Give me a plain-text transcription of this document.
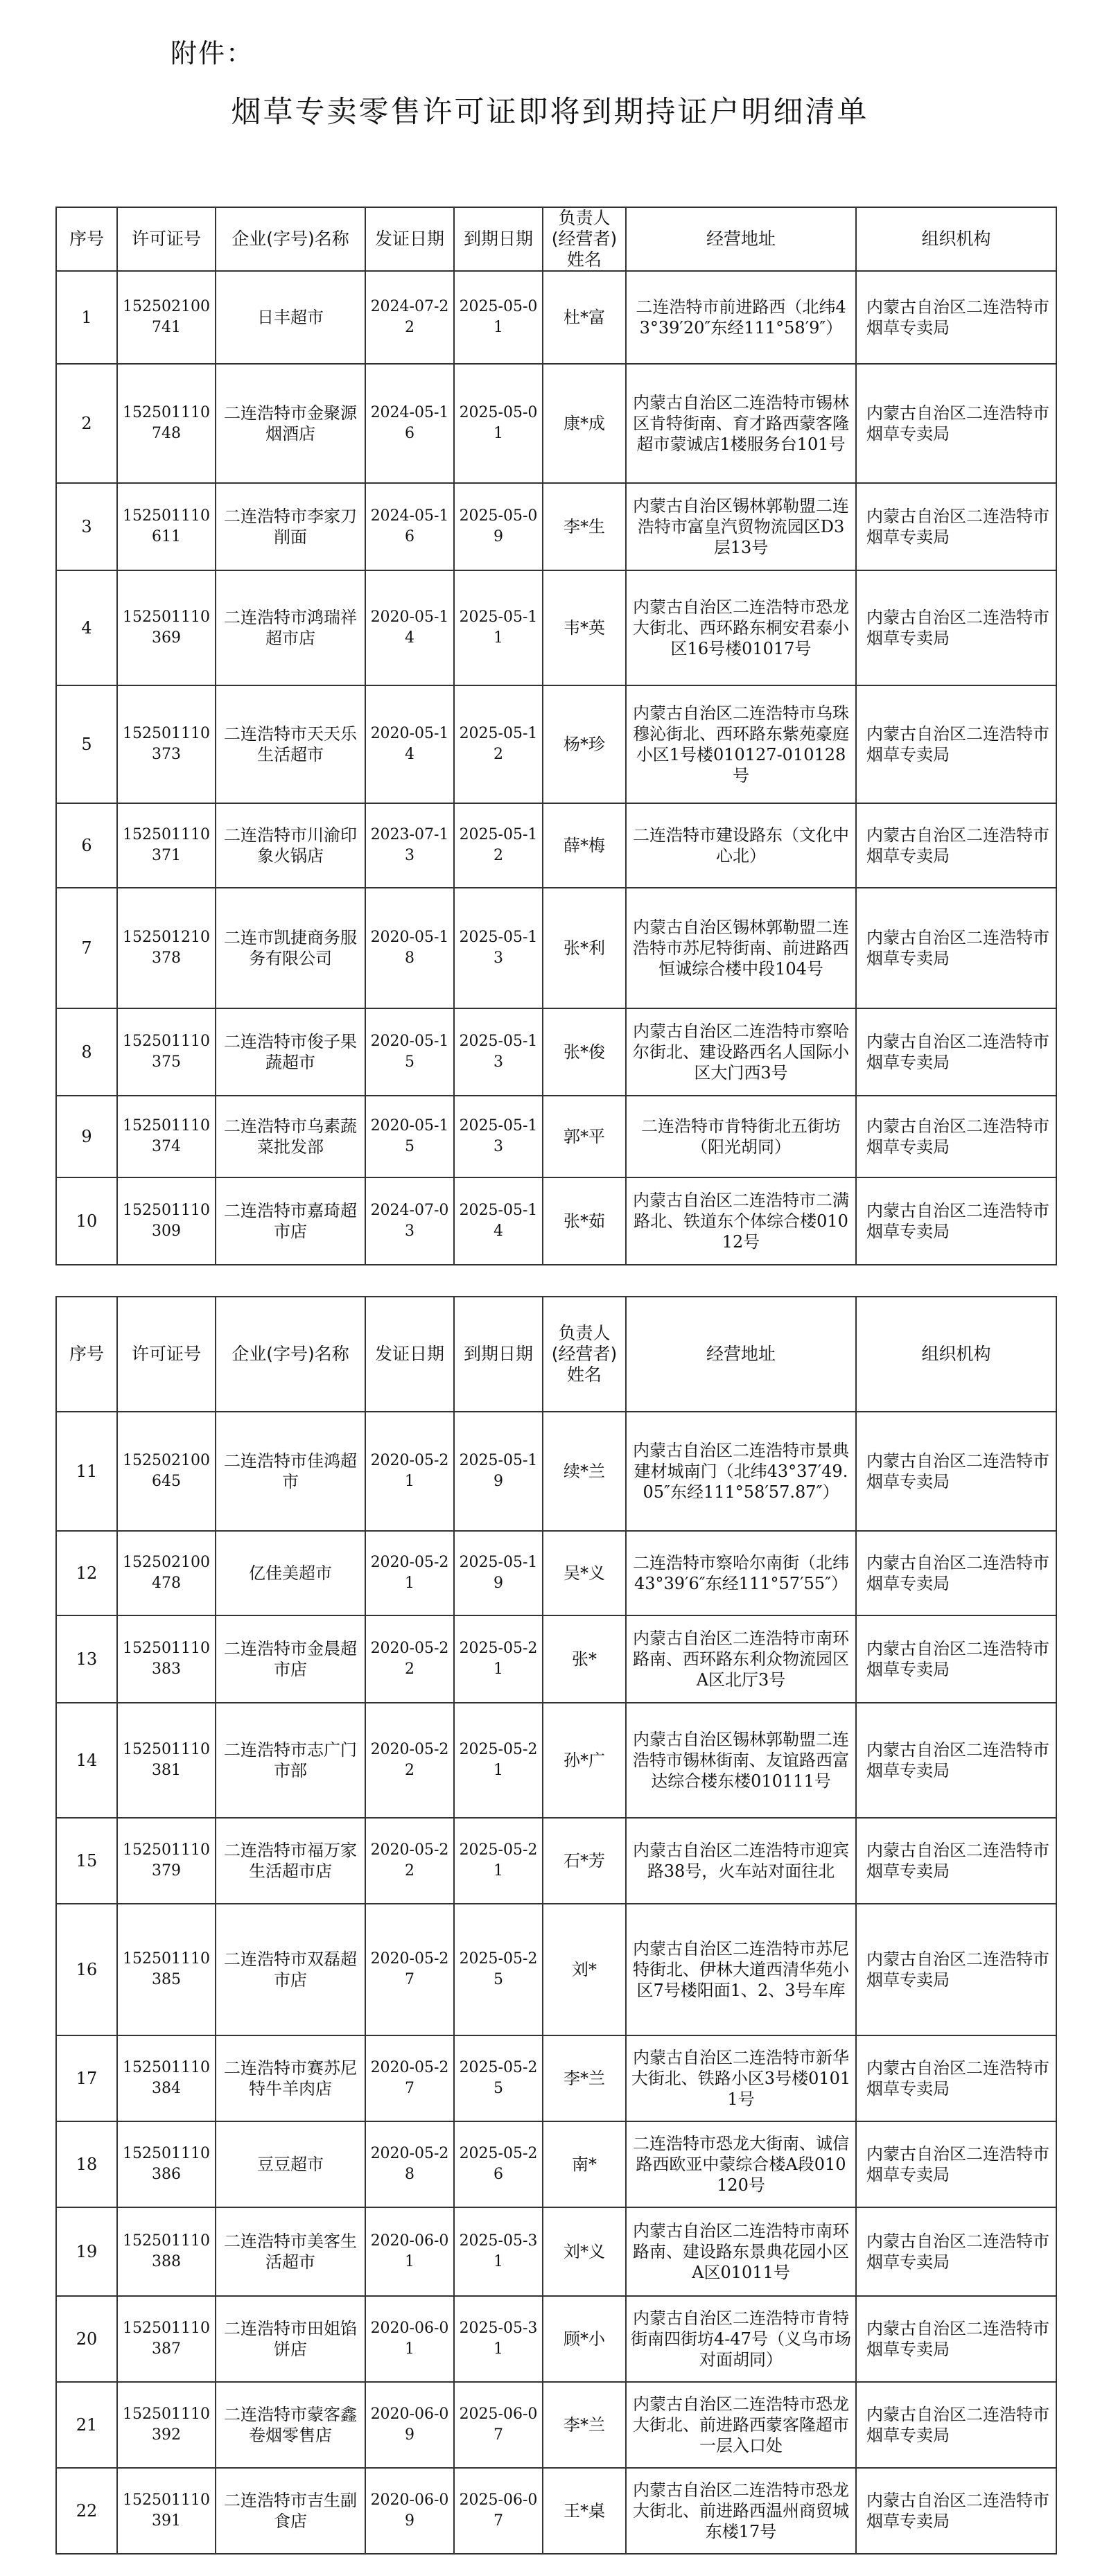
附件：
烟草专卖零售许可证即将到期持证户明细清单
序号	许可证号	企业(字号)名称	发证日期	到期日期	负责人(经营者)姓名	经营地址	组织机构
1	152502100741	日丰超市	2024-07-22	2025-05-01	杜*富	二连浩特市前进路西（北纬43°39′20″东经111°58′9″）	内蒙古自治区二连浩特市烟草专卖局
2	152501110748	二连浩特市金聚源烟酒店	2024-05-16	2025-05-01	康*成	内蒙古自治区二连浩特市锡林区肯特街南、育才路西蒙客隆超市蒙诚店1楼服务台101号	内蒙古自治区二连浩特市烟草专卖局
3	152501110611	二连浩特市李家刀削面	2024-05-16	2025-05-09	李*生	内蒙古自治区锡林郭勒盟二连浩特市富皇汽贸物流园区D3层13号	内蒙古自治区二连浩特市烟草专卖局
4	152501110369	二连浩特市鸿瑞祥超市店	2020-05-14	2025-05-11	韦*英	内蒙古自治区二连浩特市恐龙大街北、西环路东桐安君泰小区16号楼01017号	内蒙古自治区二连浩特市烟草专卖局
5	152501110373	二连浩特市天天乐生活超市	2020-05-14	2025-05-12	杨*珍	内蒙古自治区二连浩特市乌珠穆沁街北、西环路东紫苑豪庭小区1号楼010127-010128号	内蒙古自治区二连浩特市烟草专卖局
6	152501110371	二连浩特市川渝印象火锅店	2023-07-13	2025-05-12	薛*梅	二连浩特市建设路东（文化中心北）	内蒙古自治区二连浩特市烟草专卖局
7	152501210378	二连市凯捷商务服务有限公司	2020-05-18	2025-05-13	张*利	内蒙古自治区锡林郭勒盟二连浩特市苏尼特街南、前进路西恒诚综合楼中段104号	内蒙古自治区二连浩特市烟草专卖局
8	152501110375	二连浩特市俊子果蔬超市	2020-05-15	2025-05-13	张*俊	内蒙古自治区二连浩特市察哈尔街北、建设路西名人国际小区大门西3号	内蒙古自治区二连浩特市烟草专卖局
9	152501110374	二连浩特市乌素蔬菜批发部	2020-05-15	2025-05-13	郭*平	二连浩特市肯特街北五街坊（阳光胡同）	内蒙古自治区二连浩特市烟草专卖局
10	152501110309	二连浩特市嘉琦超市店	2024-07-03	2025-05-14	张*茹	内蒙古自治区二连浩特市二满路北、铁道东个体综合楼01012号	内蒙古自治区二连浩特市烟草专卖局
序号	许可证号	企业(字号)名称	发证日期	到期日期	负责人(经营者)姓名	经营地址	组织机构
11	152502100645	二连浩特市佳鸿超市	2020-05-21	2025-05-19	续*兰	内蒙古自治区二连浩特市景典建材城南门（北纬43°37′49.05″东经111°58′57.87″）	内蒙古自治区二连浩特市烟草专卖局
12	152502100478	亿佳美超市	2020-05-21	2025-05-19	吴*义	二连浩特市察哈尔南街（北纬43°39′6″东经111°57′55″）	内蒙古自治区二连浩特市烟草专卖局
13	152501110383	二连浩特市金晨超市店	2020-05-22	2025-05-21	张*	内蒙古自治区二连浩特市南环路南、西环路东利众物流园区A区北厅3号	内蒙古自治区二连浩特市烟草专卖局
14	152501110381	二连浩特市志广门市部	2020-05-22	2025-05-21	孙*广	内蒙古自治区锡林郭勒盟二连浩特市锡林街南、友谊路西富达综合楼东楼010111号	内蒙古自治区二连浩特市烟草专卖局
15	152501110379	二连浩特市福万家生活超市店	2020-05-22	2025-05-21	石*芳	内蒙古自治区二连浩特市迎宾路38号，火车站对面往北	内蒙古自治区二连浩特市烟草专卖局
16	152501110385	二连浩特市双磊超市店	2020-05-27	2025-05-25	刘*	内蒙古自治区二连浩特市苏尼特街北、伊林大道西清华苑小区7号楼阳面1、2、3号车库	内蒙古自治区二连浩特市烟草专卖局
17	152501110384	二连浩特市赛苏尼特牛羊肉店	2020-05-27	2025-05-25	李*兰	内蒙古自治区二连浩特市新华大街北、铁路小区3号楼01011号	内蒙古自治区二连浩特市烟草专卖局
18	152501110386	豆豆超市	2020-05-28	2025-05-26	南*	二连浩特市恐龙大街南、诚信路西欧亚中蒙综合楼A段010120号	内蒙古自治区二连浩特市烟草专卖局
19	152501110388	二连浩特市美客生活超市	2020-06-01	2025-05-31	刘*义	内蒙古自治区二连浩特市南环路南、建设路东景典花园小区A区01011号	内蒙古自治区二连浩特市烟草专卖局
20	152501110387	二连浩特市田姐馅饼店	2020-06-01	2025-05-31	顾*小	内蒙古自治区二连浩特市肯特街南四街坊4-47号（义乌市场对面胡同）	内蒙古自治区二连浩特市烟草专卖局
21	152501110392	二连浩特市蒙客鑫卷烟零售店	2020-06-09	2025-06-07	李*兰	内蒙古自治区二连浩特市恐龙大街北、前进路西蒙客隆超市一层入口处	内蒙古自治区二连浩特市烟草专卖局
22	152501110391	二连浩特市吉生副食店	2020-06-09	2025-06-07	王*桌	内蒙古自治区二连浩特市恐龙大街北、前进路西温州商贸城东楼17号	内蒙古自治区二连浩特市烟草专卖局
